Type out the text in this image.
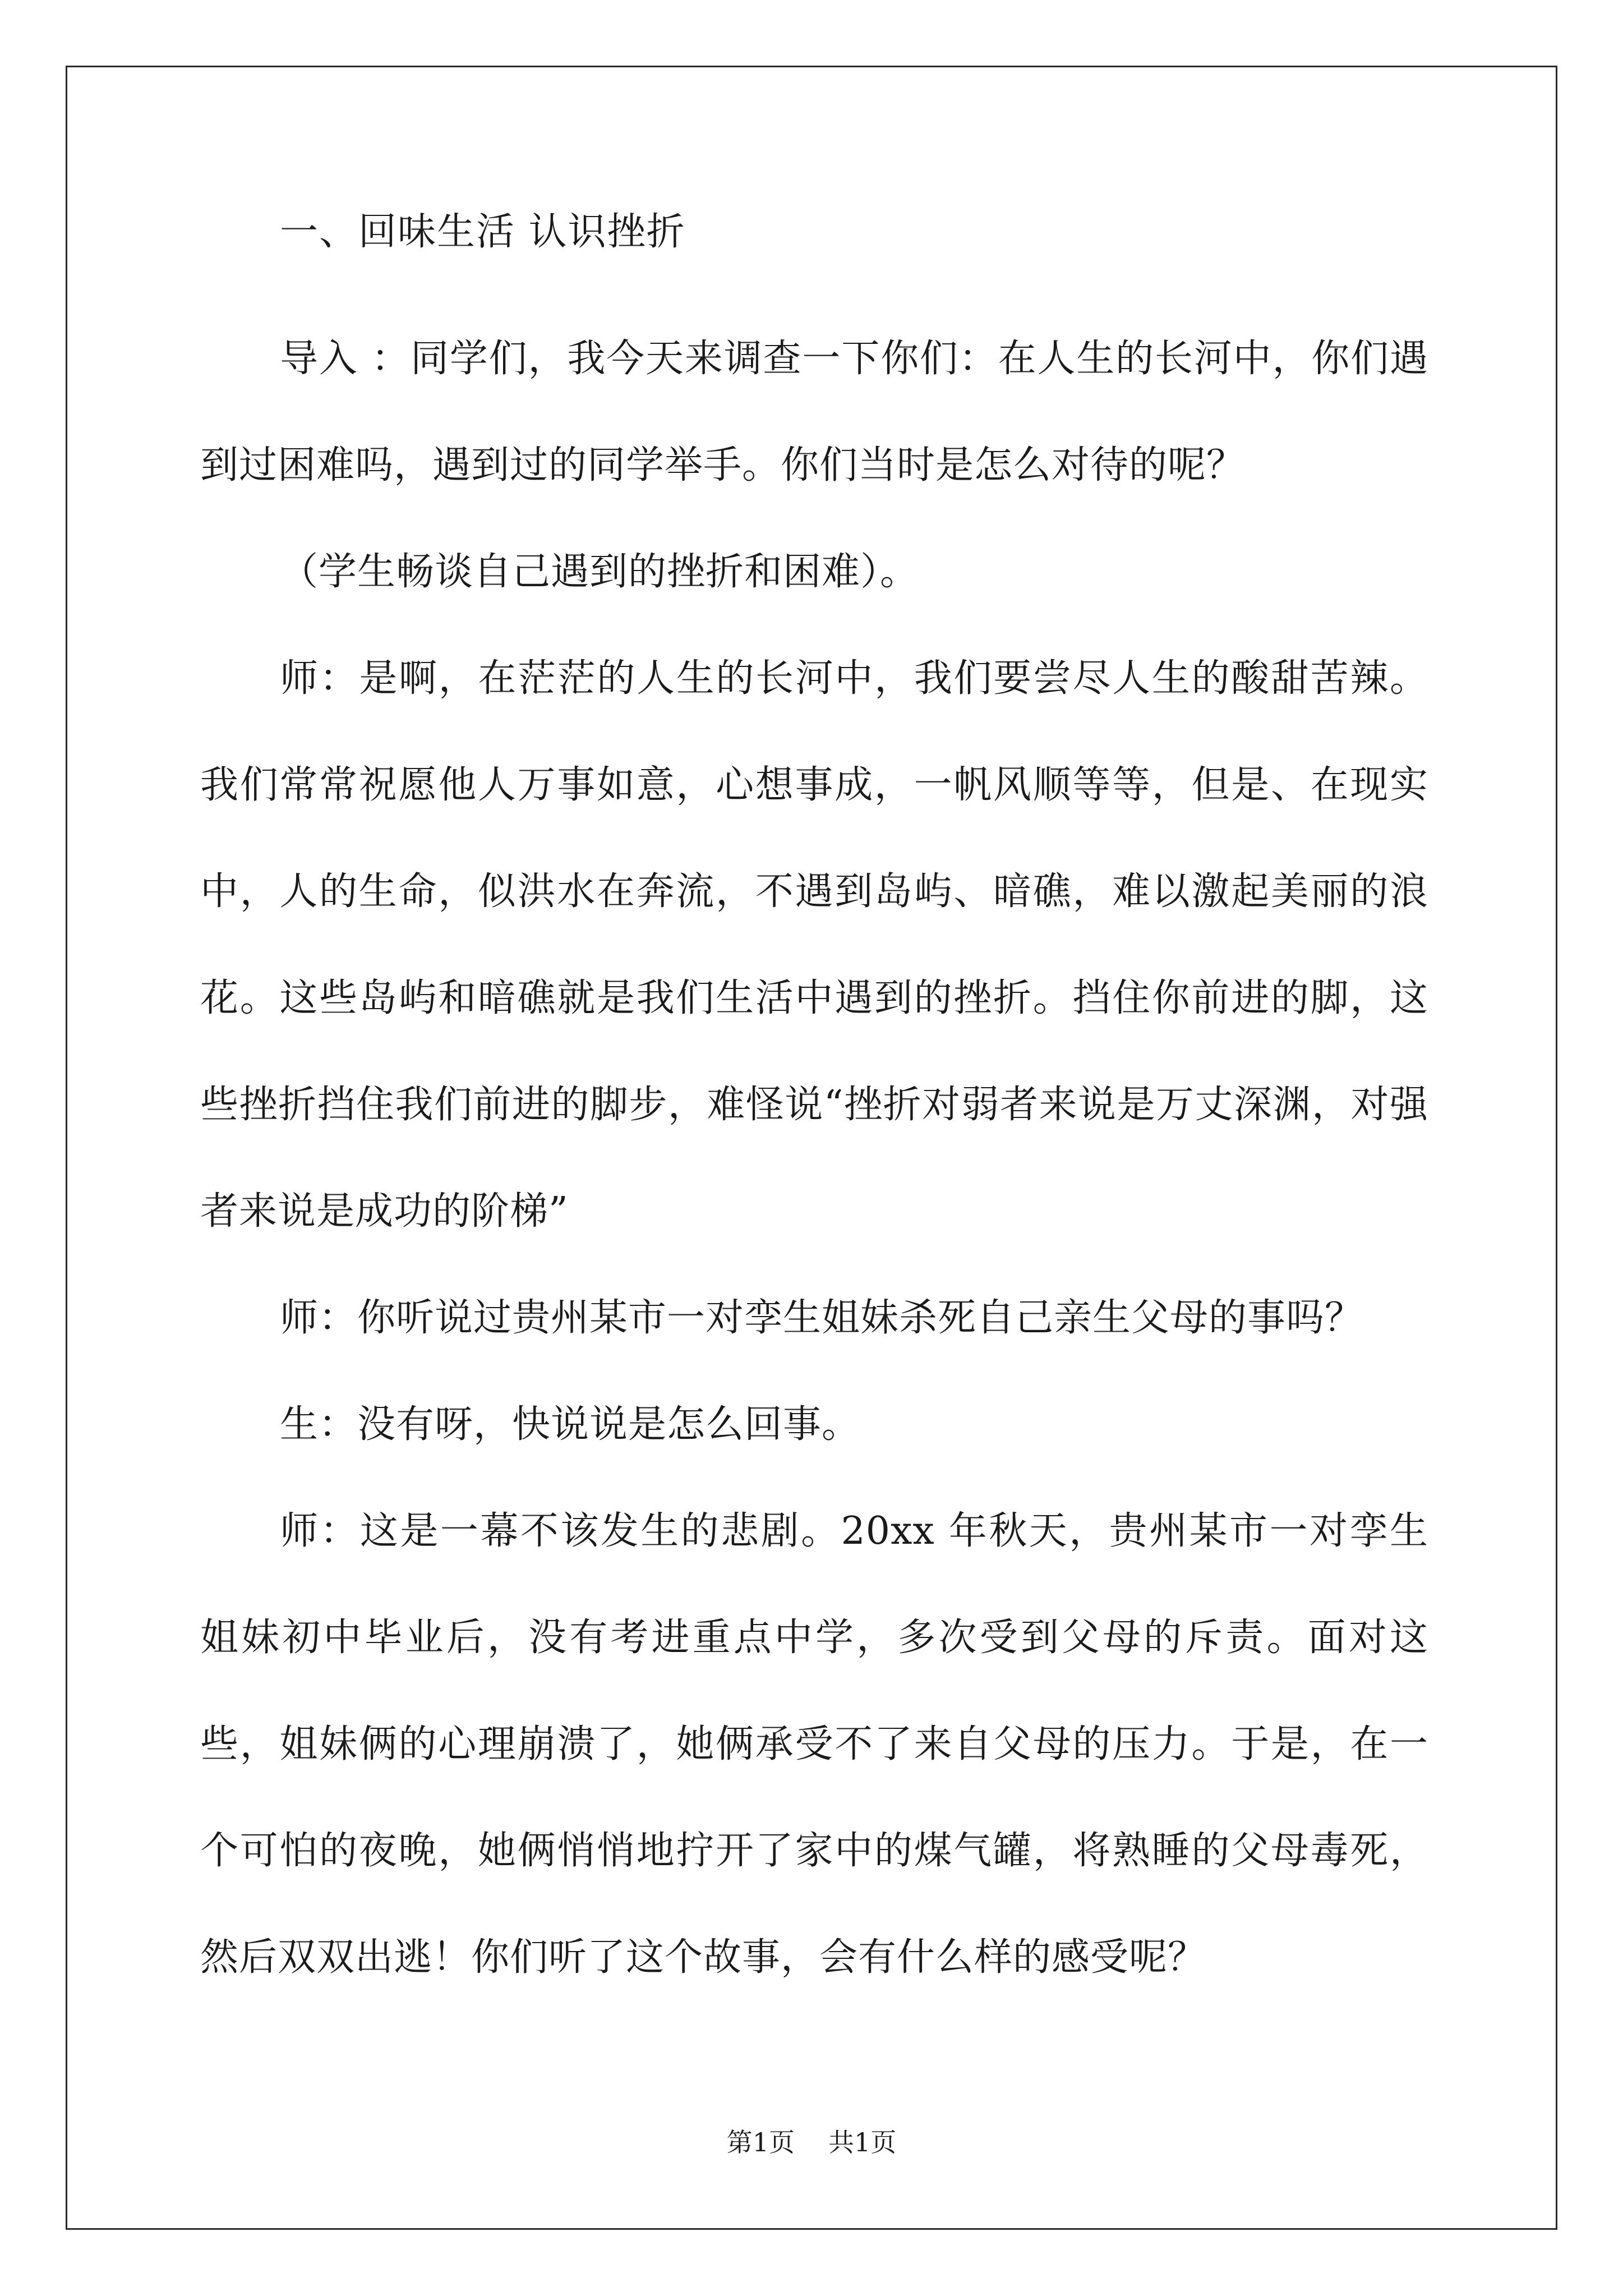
一、回味生活 认识挫折

导入 ：同学们，我今天来调查一下你们：在人生的长河中，你们遇到过困难吗，遇到过的同学举手。你们当时是怎么对待的呢？

（学生畅谈自己遇到的挫折和困难）。

师：是啊，在茫茫的人生的长河中，我们要尝尽人生的酸甜苦辣。我们常常祝愿他人万事如意，心想事成，一帆风顺等等，但是、在现实中，人的生命，似洪水在奔流，不遇到岛屿、暗礁，难以激起美丽的浪花。这些岛屿和暗礁就是我们生活中遇到的挫折。挡住你前进的脚，这些挫折挡住我们前进的脚步，难怪说“挫折对弱者来说是万丈深渊，对强者来说是成功的阶梯”

师：你听说过贵州某市一对孪生姐妹杀死自己亲生父母的事吗？

生：没有呀，快说说是怎么回事。

师：这是一幕不该发生的悲剧。20xx 年秋天，贵州某市一对孪生姐妹初中毕业后，没有考进重点中学，多次受到父母的斥责。面对这些，姐妹俩的心理崩溃了，她俩承受不了来自父母的压力。于是，在一个可怕的夜晚，她俩悄悄地拧开了家中的煤气罐，将熟睡的父母毒死，然后双双出逃！你们听了这个故事，会有什么样的感受呢？

第1页 共1页
